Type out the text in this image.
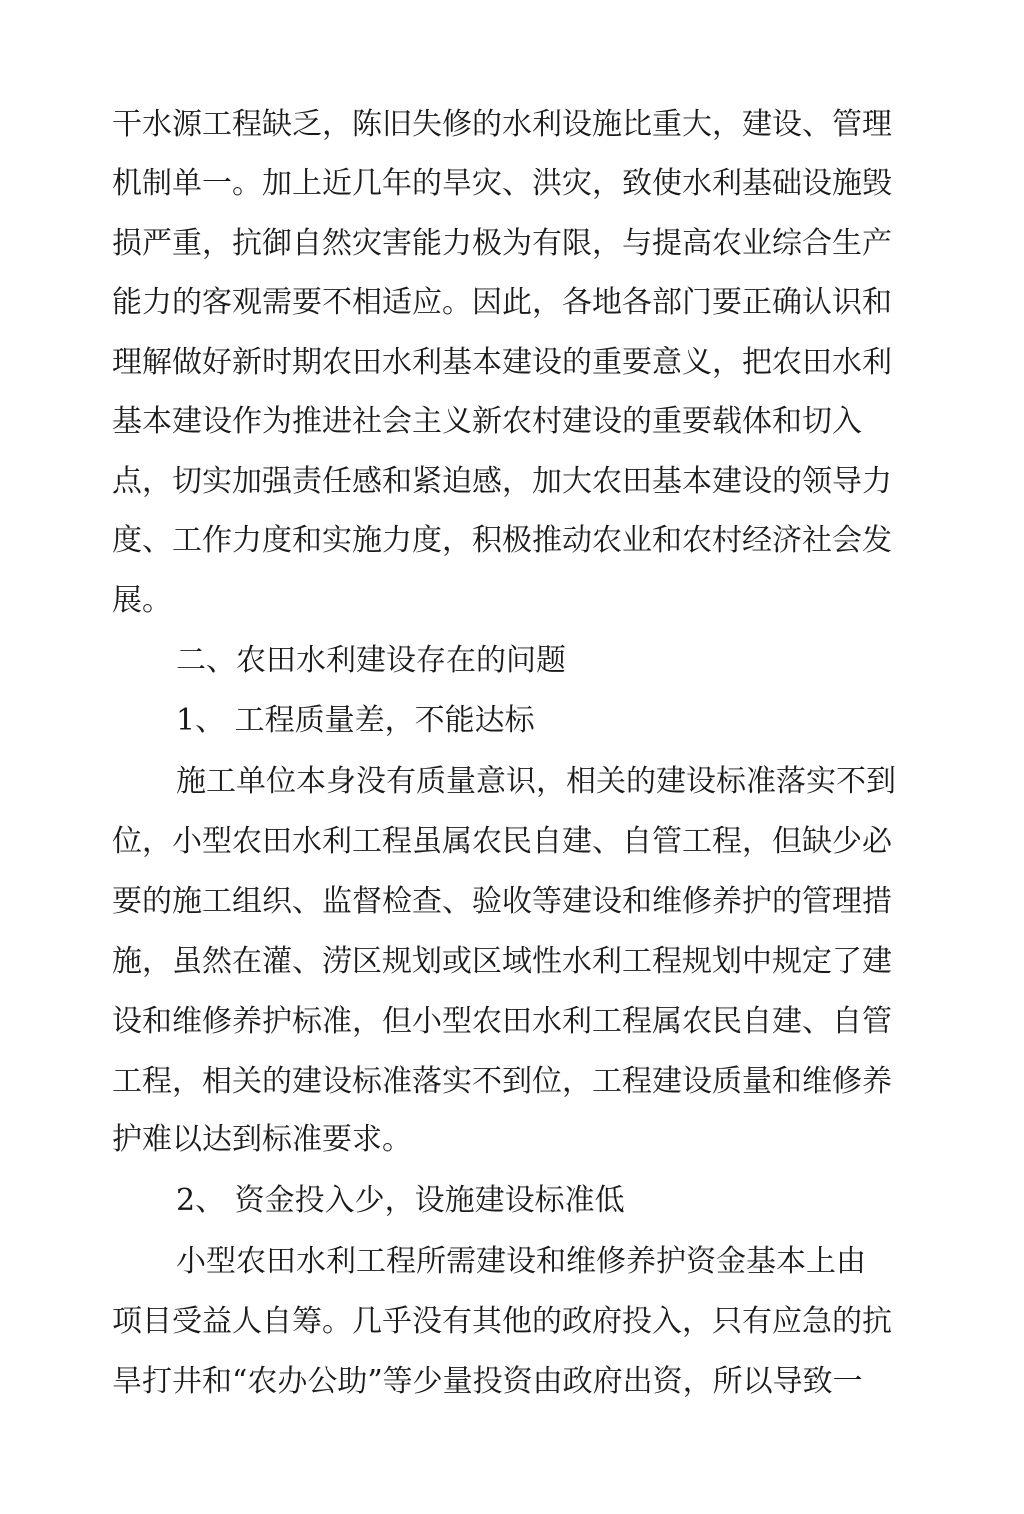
干水源工程缺乏，陈旧失修的水利设施比重大，建设、管理
机制单一。加上近几年的旱灾、洪灾，致使水利基础设施毁
损严重，抗御自然灾害能力极为有限，与提高农业综合生产
能力的客观需要不相适应。因此，各地各部门要正确认识和
理解做好新时期农田水利基本建设的重要意义，把农田水利
基本建设作为推进社会主义新农村建设的重要载体和切入
点，切实加强责任感和紧迫感，加大农田基本建设的领导力
度、工作力度和实施力度，积极推动农业和农村经济社会发
展。
二、农田水利建设存在的问题
1、 工程质量差，不能达标
施工单位本身没有质量意识，相关的建设标准落实不到
位，小型农田水利工程虽属农民自建、自管工程，但缺少必
要的施工组织、监督检查、验收等建设和维修养护的管理措
施，虽然在灌、涝区规划或区域性水利工程规划中规定了建
设和维修养护标准，但小型农田水利工程属农民自建、自管
工程，相关的建设标准落实不到位，工程建设质量和维修养
护难以达到标准要求。
2、 资金投入少，设施建设标准低
小型农田水利工程所需建设和维修养护资金基本上由
项目受益人自筹。几乎没有其他的政府投入，只有应急的抗
旱打井和“农办公助”等少量投资由政府出资，所以导致一
